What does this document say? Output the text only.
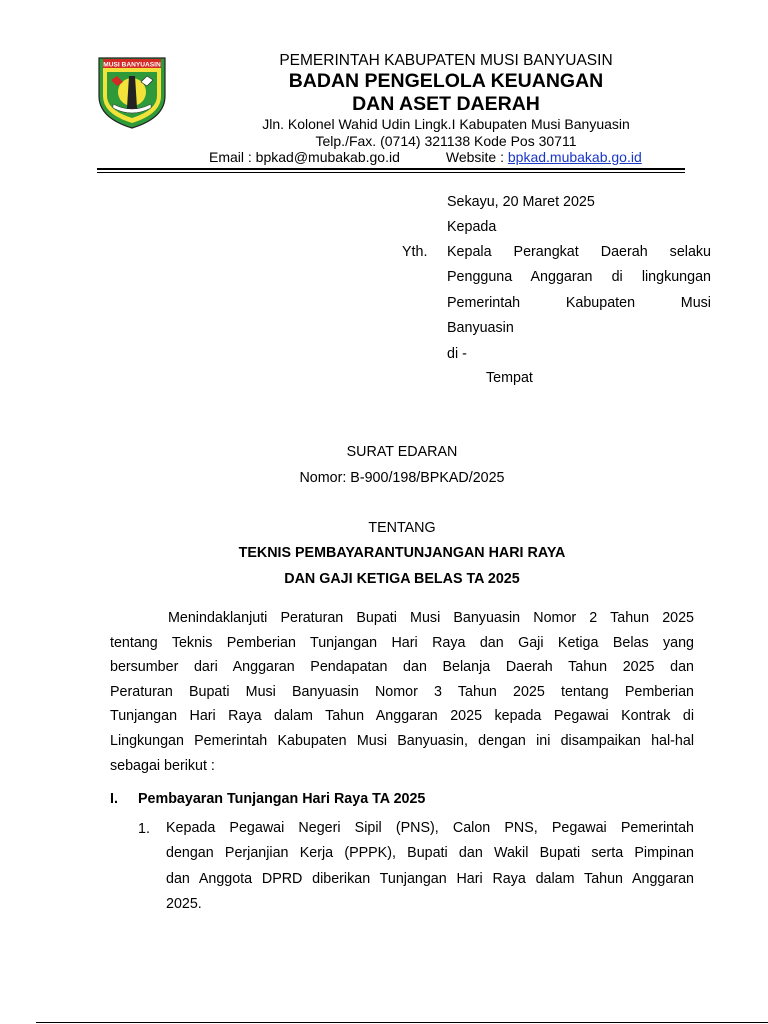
MUSI BANYUASIN	PEMERINTAH KABUPATEN MUSI BANYUASIN
BADAN PENGELOLA KEUANGAN
DAN ASET DAERAH
Jln. Kolonel Wahid Udin Lingk.I Kabupaten Musi Banyuasin
Telp./Fax. (0714) 321138 Kode Pos 30711
Email : bpkad@mubakab.go.id	Website : bpkad.mubakab.go.id
Sekayu, 20 Maret 2025
Kepada
Yth. Kepala Perangkat Daerah selaku
Pengguna Anggaran di lingkungan
Pemerintah Kabupaten Musi
Banyuasin
di -
Tempat
SURAT EDARAN
Nomor: B-900/198/BPKAD/2025
TENTANG
TEKNIS PEMBAYARANTUNJANGAN HARI RAYA
DAN GAJI KETIGA BELAS TA 2025
Menindaklanjuti Peraturan Bupati Musi Banyuasin Nomor 2 Tahun 2025
tentang Teknis Pemberian Tunjangan Hari Raya dan Gaji Ketiga Belas yang
bersumber dari Anggaran Pendapatan dan Belanja Daerah Tahun 2025 dan
Peraturan Bupati Musi Banyuasin Nomor 3 Tahun 2025 tentang Pemberian
Tunjangan Hari Raya dalam Tahun Anggaran 2025 kepada Pegawai Kontrak di
Lingkungan Pemerintah Kabupaten Musi Banyuasin, dengan ini disampaikan hal-hal
sebagai berikut :
I. Pembayaran Tunjangan Hari Raya TA 2025
1. Kepada Pegawai Negeri Sipil (PNS), Calon PNS, Pegawai Pemerintah
dengan Perjanjian Kerja (PPPK), Bupati dan Wakil Bupati serta Pimpinan
dan Anggota DPRD diberikan Tunjangan Hari Raya dalam Tahun Anggaran
2025.
